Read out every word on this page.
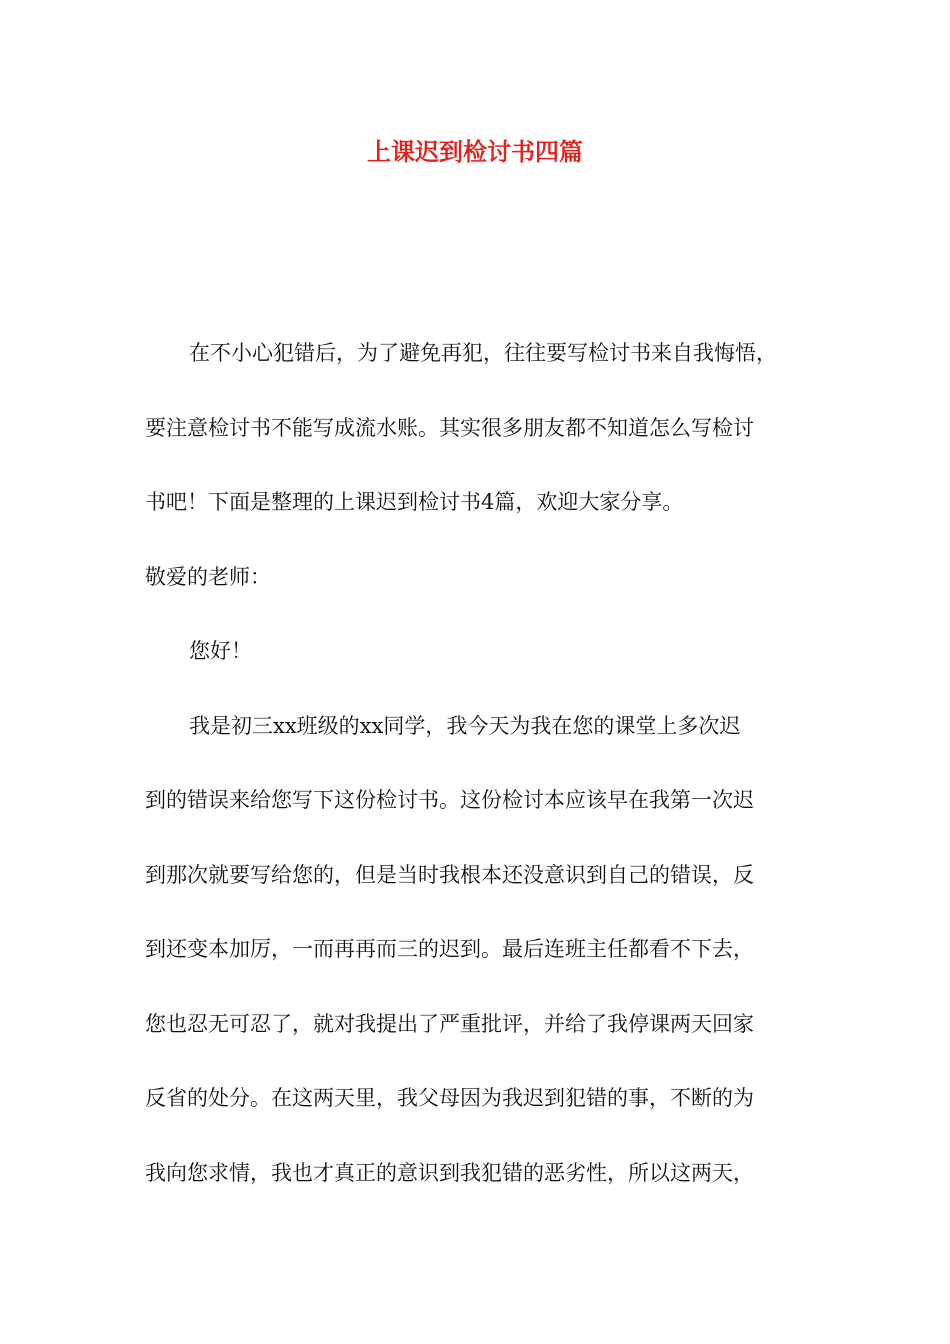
上课迟到检讨书四篇
在不小心犯错后，为了避免再犯，往往要写检讨书来自我悔悟，
要注意检讨书不能写成流水账。其实很多朋友都不知道怎么写检讨
书吧！下面是整理的上课迟到检讨书4篇，欢迎大家分享。
敬爱的老师：
您好！
我是初三xx班级的xx同学，我今天为我在您的课堂上多次迟
到的错误来给您写下这份检讨书。这份检讨本应该早在我第一次迟
到那次就要写给您的，但是当时我根本还没意识到自己的错误，反
到还变本加厉，一而再再而三的迟到。最后连班主任都看不下去，
您也忍无可忍了，就对我提出了严重批评，并给了我停课两天回家
反省的处分。在这两天里，我父母因为我迟到犯错的事，不断的为
我向您求情，我也才真正的意识到我犯错的恶劣性，所以这两天，
